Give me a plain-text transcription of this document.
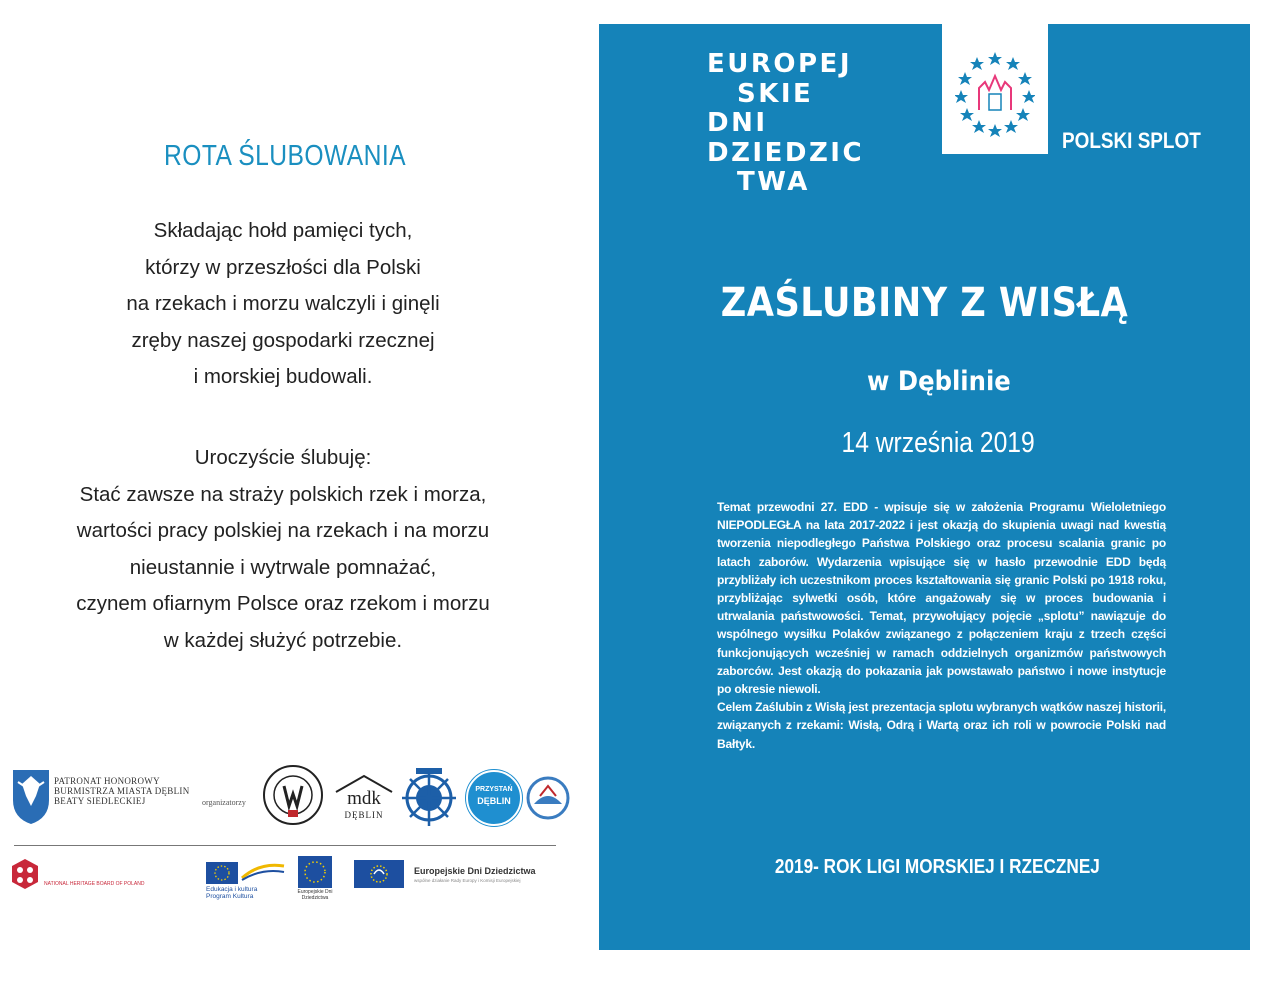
ROTA ŚLUBOWANIA
Składając hołd pamięci tych,
którzy w przeszłości dla Polski
na rzekach i morzu walczyli i ginęli
zręby naszej gospodarki rzecznej
i morskiej budowali.
Uroczyście ślubuję:
Stać zawsze na straży polskich rzek i morza,
wartości pracy polskiej na rzekach i na morzu
nieustannie i wytrwale pomnażać,
czynem ofiarnym Polsce oraz rzekom i morzu
w każdej służyć potrzebie.
PATRONAT HONOROWY
BURMISTRZA MIASTA DĘBLIN
BEATY SIEDLECKIEJ	organizatorzy	mdk
DĘBLIN
PRZYSTAŃ
DĘBLIN
NATIONAL HERITAGE BOARD OF POLAND
Edukacja i kultura
Program Kultura
Europejskie Dni
Dziedzictwa
Europejskie Dni Dziedzictwa
wspólne działanie Rady Europy i Komisji Europejskiej
EUROPEJ
SKIE
DNI
DZIEDZIC
TWA
POLSKI SPLOT
ZAŚLUBINY Z WISŁĄ
w Dęblinie
14 września 2019

Temat przewodni 27. EDD - wpisuje się w założenia Programu Wieloletniego NIEPODLEGŁA na lata 2017-2022 i jest okazją do skupienia uwagi nad kwestią tworzenia niepodległego Państwa Polskiego oraz procesu scalania granic po latach zaborów. Wydarzenia wpisujące się w hasło przewodnie EDD będą przybliżały ich uczestnikom proces kształtowania się granic Polski po 1918 roku, przybliżając sylwetki osób, które angażowały się w proces budowania i utrwalania państwowości. Temat, przywołujący pojęcie „splotu” nawiązuje do wspólnego wysiłku Polaków związanego z połączeniem kraju z trzech części funkcjonujących wcześniej w ramach oddzielnych organizmów państwowych zaborców. Jest okazją do pokazania jak powstawało państwo i nowe instytucje po okresie niewoli.

Celem Zaślubin z Wisłą jest prezentacja splotu wybranych wątków naszej historii, związanych z rzekami: Wisłą, Odrą i Wartą oraz ich roli w powrocie Polski nad Bałtyk.

2019- ROK LIGI MORSKIEJ I RZECZNEJ
